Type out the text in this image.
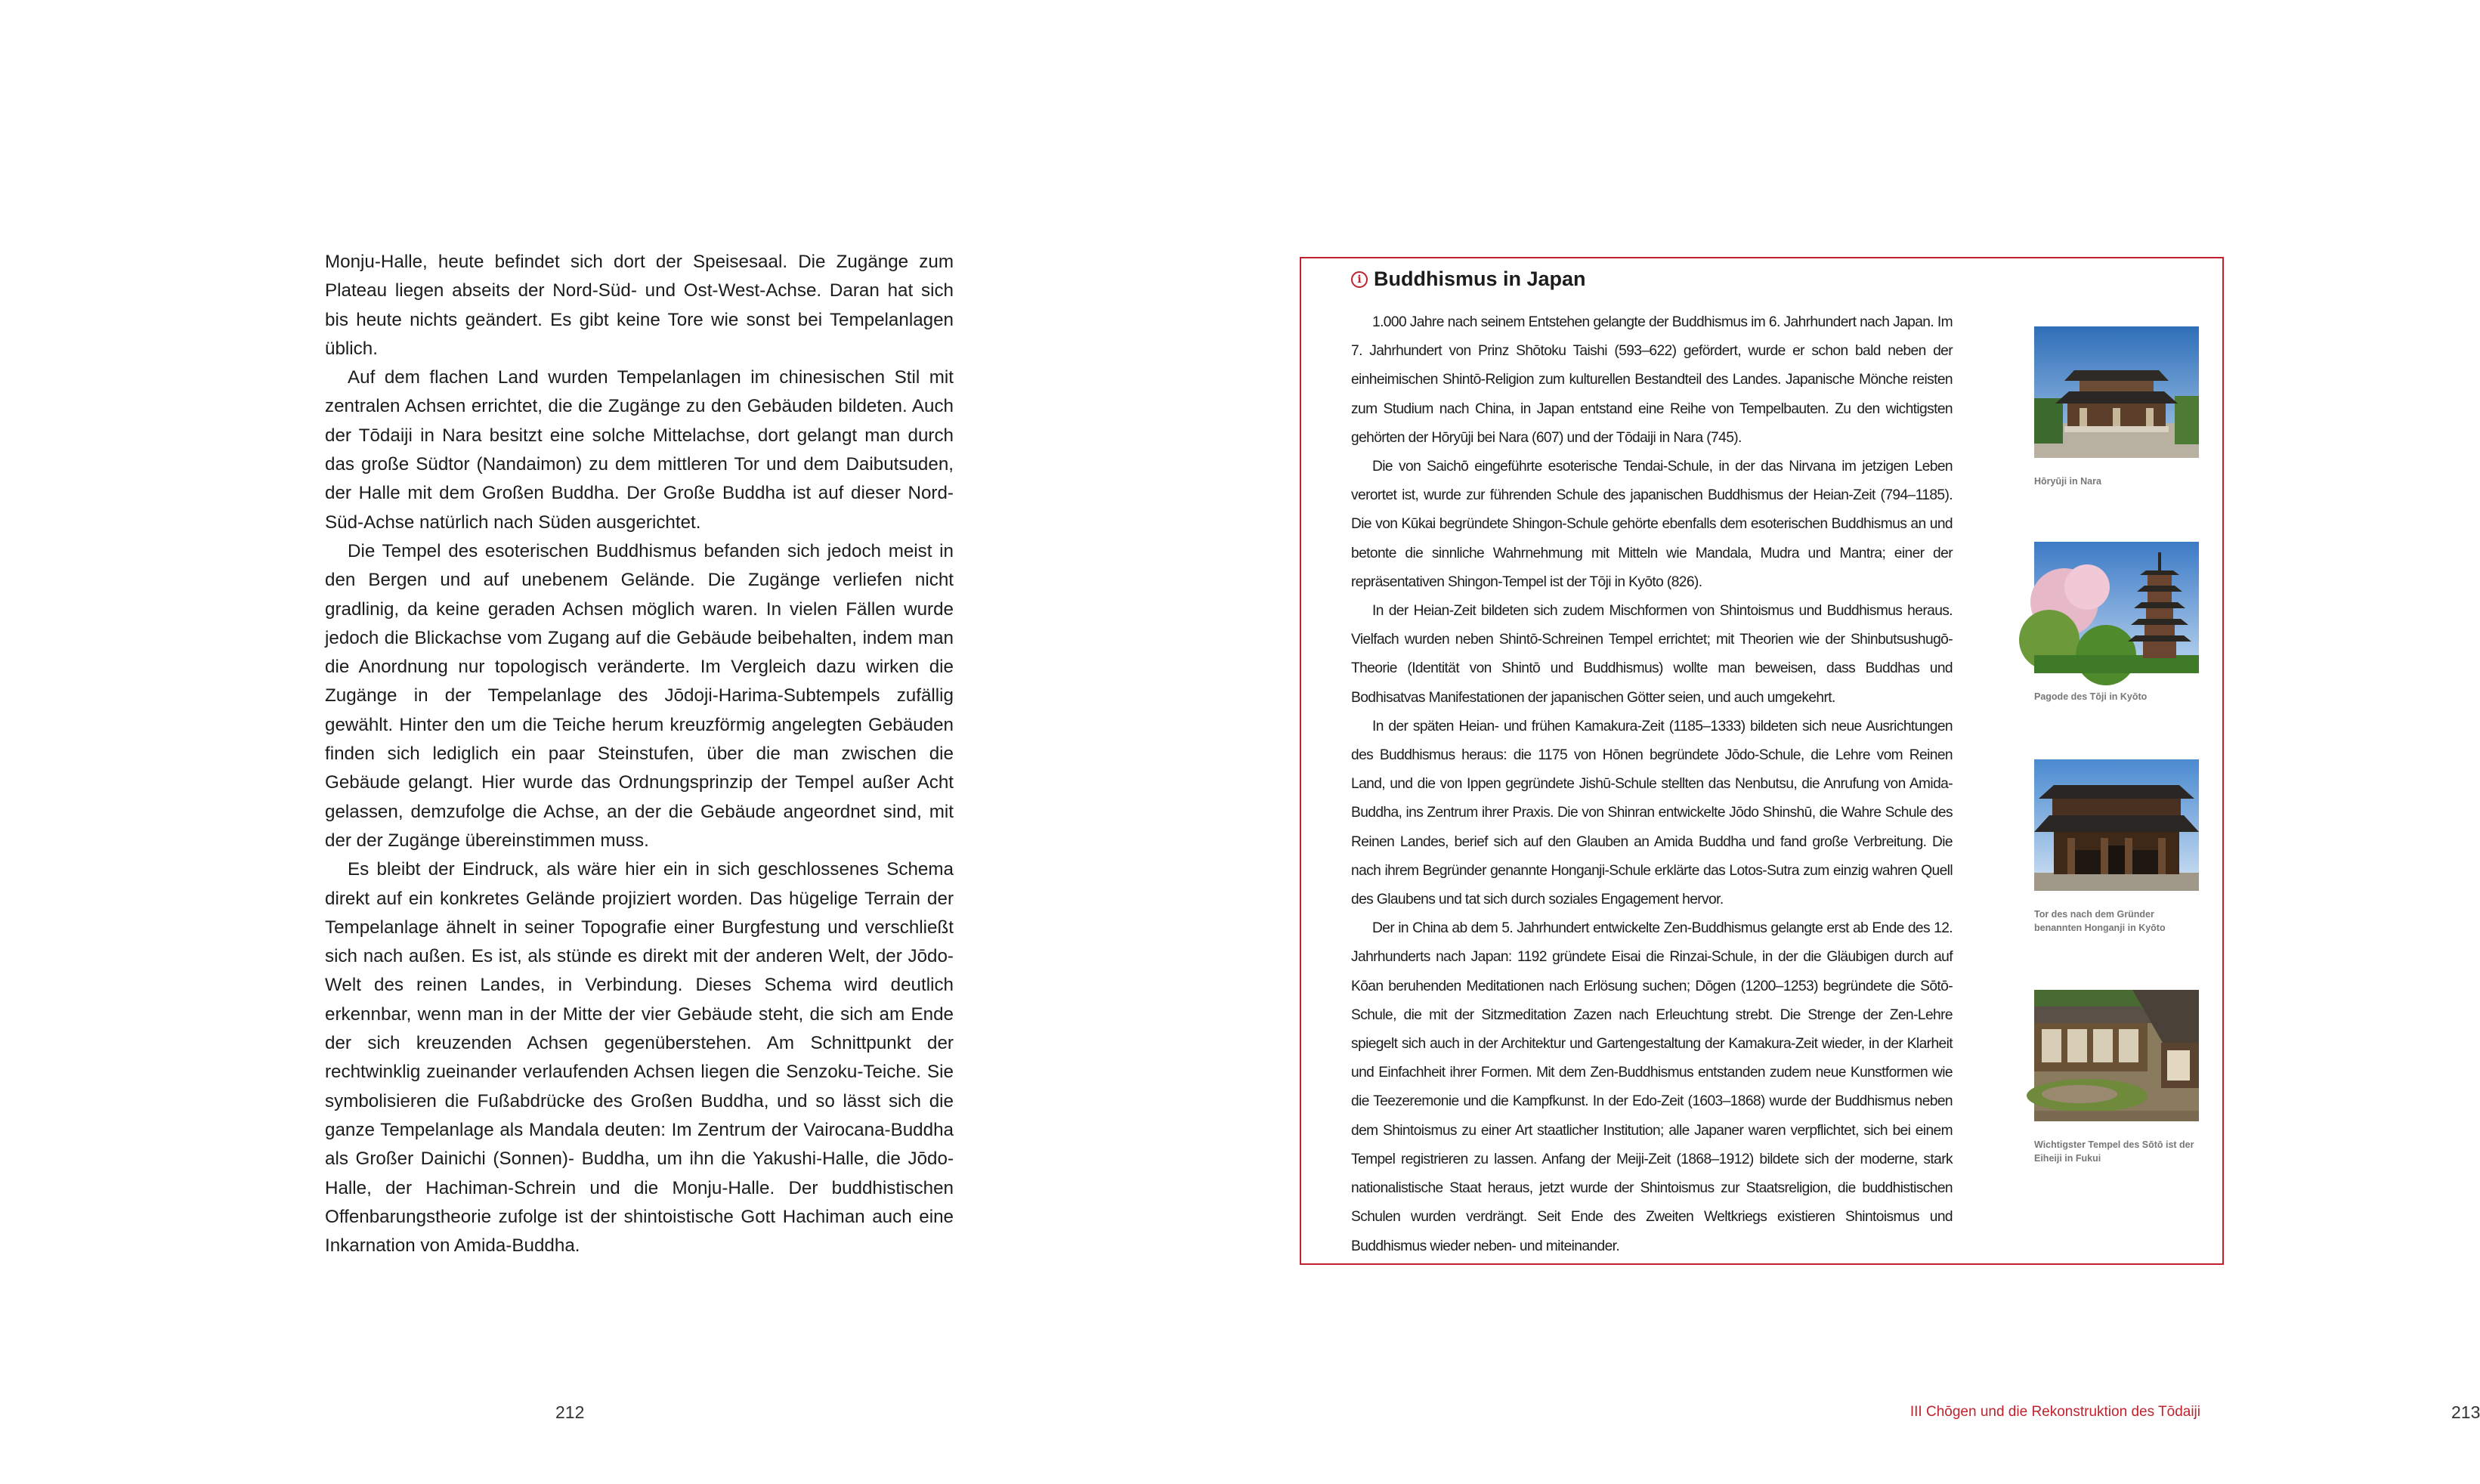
Monju-Halle, heute befindet sich dort der Speisesaal. Die Zugänge zum Plateau liegen abseits der Nord-Süd- und Ost-West-Achse. Daran hat sich bis heute nichts geändert. Es gibt keine Tore wie sonst bei Tempelanlagen üblich.

Auf dem flachen Land wurden Tempelanlagen im chinesischen Stil mit zentralen Achsen errichtet, die die Zugänge zu den Gebäuden bildeten. Auch der Tōdaiji in Nara besitzt eine solche Mittelachse, dort gelangt man durch das große Südtor (Nandaimon) zu dem mittleren Tor und dem Daibutsuden, der Halle mit dem Großen Buddha. Der Große Buddha ist auf dieser Nord-Süd-Achse natürlich nach Süden ausgerichtet.

Die Tempel des esoterischen Buddhismus befanden sich jedoch meist in den Bergen und auf unebenem Gelände. Die Zugänge verliefen nicht gradlinig, da keine geraden Achsen möglich waren. In vielen Fällen wurde jedoch die Blickachse vom Zugang auf die Gebäude beibehalten, indem man die Anordnung nur topologisch veränderte. Im Vergleich dazu wirken die Zugänge in der Tempelanlage des Jōdoji-Harima-Subtempels zufällig gewählt. Hinter den um die Teiche herum kreuzförmig angelegten Gebäuden finden sich lediglich ein paar Steinstufen, über die man zwischen die Gebäude gelangt. Hier wurde das Ordnungsprinzip der Tempel außer Acht gelassen, demzufolge die Achse, an der die Gebäude angeordnet sind, mit der der Zugänge übereinstimmen muss.

Es bleibt der Eindruck, als wäre hier ein in sich geschlossenes Schema direkt auf ein konkretes Gelände projiziert worden. Das hügelige Terrain der Tempelanlage ähnelt in seiner Topografie einer Burgfestung und verschließt sich nach außen. Es ist, als stünde es direkt mit der anderen Welt, der Jōdo-Welt des reinen Landes, in Verbindung. Dieses Schema wird deutlich erkennbar, wenn man in der Mitte der vier Gebäude steht, die sich am Ende der sich kreuzenden Achsen gegenüberstehen. Am Schnittpunkt der rechtwinklig zueinander verlaufenden Achsen liegen die Senzoku-Teiche. Sie symbolisieren die Fußabdrücke des Großen Buddha, und so lässt sich die ganze Tempelanlage als Mandala deuten: Im Zentrum der Vairocana-Buddha als Großer Dainichi (Sonnen)- Buddha, um ihn die Yakushi-Halle, die Jōdo-Halle, der Hachiman-Schrein und die Monju-Halle. Der buddhistischen Offenbarungstheorie zufolge ist der shintoistische Gott Hachiman auch eine Inkarnation von Amida-Buddha.

212	213
III Chōgen und die Rekonstruktion des Tōdaiji
i Buddhismus in Japan

1.000 Jahre nach seinem Entstehen gelangte der Buddhismus im 6. Jahrhundert nach Japan. Im 7. Jahrhundert von Prinz Shōtoku Taishi (593–622) gefördert, wurde er schon bald neben der einheimischen Shintō-Religion zum kulturellen Bestandteil des Landes. Japanische Mönche reisten zum Studium nach China, in Japan entstand eine Reihe von Tempelbauten. Zu den wichtigsten gehörten der Hōryūji bei Nara (607) und der Tōdaiji in Nara (745).

Die von Saichō eingeführte esoterische Tendai-Schule, in der das Nirvana im jetzigen Leben verortet ist, wurde zur führenden Schule des japanischen Buddhismus der Heian-Zeit (794–1185). Die von Kūkai begründete Shingon-Schule gehörte ebenfalls dem esoterischen Buddhismus an und betonte die sinnliche Wahrnehmung mit Mitteln wie Mandala, Mudra und Mantra; einer der repräsentativen Shingon-Tempel ist der Tōji in Kyōto (826).

In der Heian-Zeit bildeten sich zudem Mischformen von Shintoismus und Buddhismus heraus. Vielfach wurden neben Shintō-Schreinen Tempel errichtet; mit Theorien wie der Shinbutsushugō-Theorie (Identität von Shintō und Buddhismus) wollte man beweisen, dass Buddhas und Bodhisatvas Manifestationen der japanischen Götter seien, und auch umgekehrt.

In der späten Heian- und frühen Kamakura-Zeit (1185–1333) bildeten sich neue Ausrichtungen des Buddhismus heraus: die 1175 von Hōnen begründete Jōdo-Schule, die Lehre vom Reinen Land, und die von Ippen gegründete Jishū-Schule stellten das Nenbutsu, die Anrufung von Amida-Buddha, ins Zentrum ihrer Praxis. Die von Shinran entwickelte Jōdo Shinshū, die Wahre Schule des Reinen Landes, berief sich auf den Glauben an Amida Buddha und fand große Verbreitung. Die nach ihrem Begründer genannte Honganji-Schule erklärte das Lotos-Sutra zum einzig wahren Quell des Glaubens und tat sich durch soziales Engagement hervor.

Der in China ab dem 5. Jahrhundert entwickelte Zen-Buddhismus gelangte erst ab Ende des 12. Jahrhunderts nach Japan: 1192 gründete Eisai die Rinzai-Schule, in der die Gläubigen durch auf Kōan beruhenden Meditationen nach Erlösung suchen; Dōgen (1200–1253) begründete die Sōtō-Schule, die mit der Sitzmeditation Zazen nach Erleuchtung strebt. Die Strenge der Zen-Lehre spiegelt sich auch in der Architektur und Gartengestaltung der Kamakura-Zeit wieder, in der Klarheit und Einfachheit ihrer Formen. Mit dem Zen-Buddhismus entstanden zudem neue Kunstformen wie die Teezeremonie und die Kampfkunst. In der Edo-Zeit (1603–1868) wurde der Buddhismus neben dem Shintoismus zu einer Art staatlicher Institution; alle Japaner waren verpflichtet, sich bei einem Tempel registrieren zu lassen. Anfang der Meiji-Zeit (1868–1912) bildete sich der moderne, stark nationalistische Staat heraus, jetzt wurde der Shintoismus zur Staatsreligion, die buddhistischen Schulen wurden verdrängt. Seit Ende des Zweiten Weltkriegs existieren Shintoismus und Buddhismus wieder neben- und miteinander.

Hōryūji in Nara
Pagode des Tōji in Kyōto
Tor des nach dem Gründer benannten Honganji in Kyōto
Wichtigster Tempel des Sōtō ist der Eiheiji in Fukui
